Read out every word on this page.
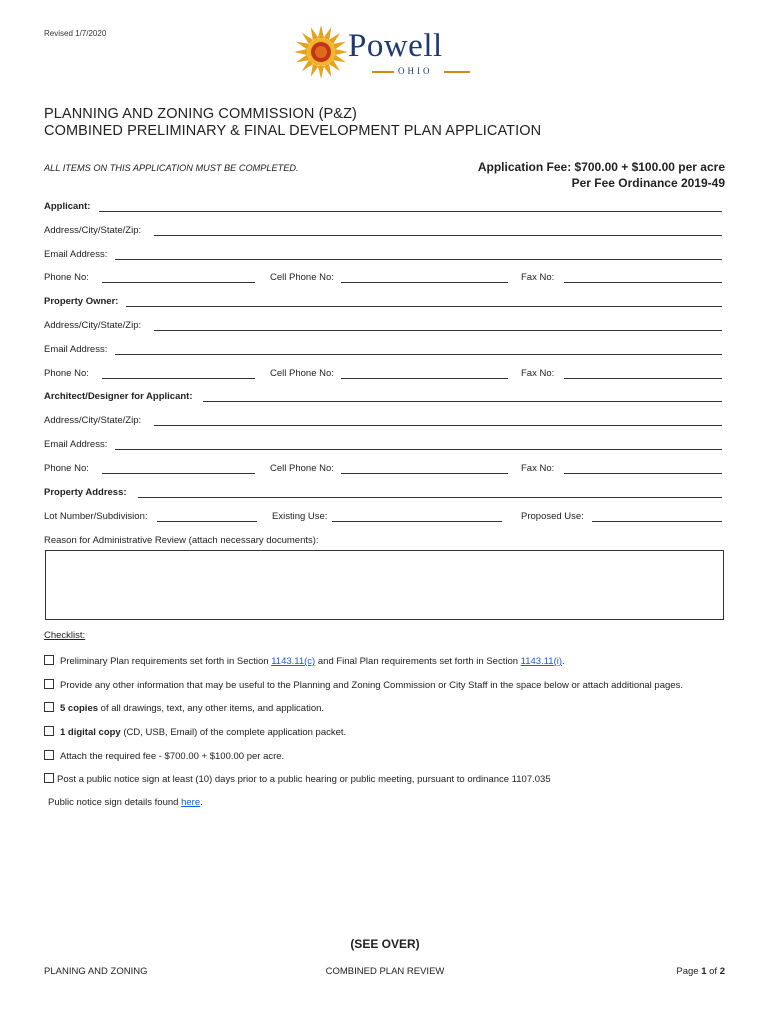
Revised 1/7/2020	Powell
OHIO
PLANNING AND ZONING COMMISSION (P&Z)
COMBINED PRELIMINARY & FINAL DEVELOPMENT PLAN APPLICATION
ALL ITEMS ON THIS APPLICATION MUST BE COMPLETED.	Application Fee: $700.00 + $100.00 per acre
Per Fee Ordinance 2019-49
Applicant:
Address/City/State/Zip:
Email Address:
Phone No:	Cell Phone No:	Fax No:
Property Owner:
Address/City/State/Zip:
Email Address:
Phone No:	Cell Phone No:	Fax No:
Architect/Designer for Applicant:
Address/City/State/Zip:
Email Address:
Phone No:	Cell Phone No:	Fax No:
Property Address:
Lot Number/Subdivision:	Existing Use:	Proposed Use:
Reason for Administrative Review (attach necessary documents):
Checklist:
Preliminary Plan requirements set forth in Section 1143.11(c) and Final Plan requirements set forth in Section 1143.11(i).
Provide any other information that may be useful to the Planning and Zoning Commission or City Staff in the space below or attach additional pages.
5 copies of all drawings, text, any other items, and application.
1 digital copy (CD, USB, Email) of the complete application packet.
Attach the required fee - $700.00 + $100.00 per acre.
Post a public notice sign at least (10) days prior to a public hearing or public meeting, pursuant to ordinance 1107.035
Public notice sign details found here.
(SEE OVER)
PLANING AND ZONING	COMBINED PLAN REVIEW	Page 1 of 2
